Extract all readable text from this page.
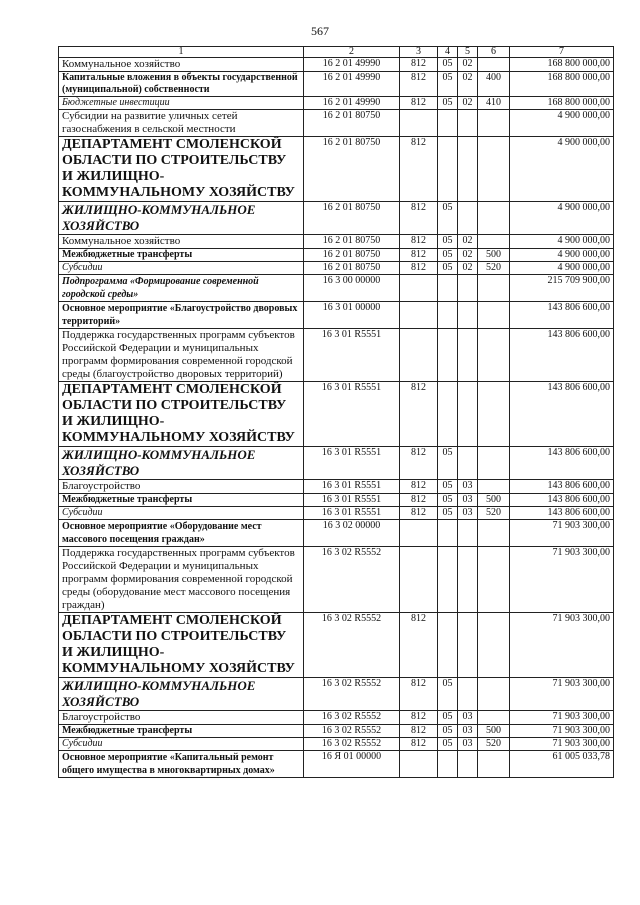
567
1	2	3	4	5	6	7
Коммунальное хозяйство	16 2 01 49990	812	05	02		168 800 000,00
Капитальные вложения в объекты государственной (муниципальной) собственности	16 2 01 49990	812	05	02	400	168 800 000,00
Бюджетные инвестиции	16 2 01 49990	812	05	02	410	168 800 000,00
Субсидии на развитие уличных сетей газоснабжения в сельской местности	16 2 01 80750					4 900 000,00
ДЕПАРТАМЕНТ СМОЛЕНСКОЙ ОБЛАСТИ ПО СТРОИТЕЛЬСТВУ И ЖИЛИЩНО-КОММУНАЛЬНОМУ ХОЗЯЙСТВУ	16 2 01 80750	812				4 900 000,00
ЖИЛИЩНО-КОММУНАЛЬНОЕ ХОЗЯЙСТВО	16 2 01 80750	812	05			4 900 000,00
Коммунальное хозяйство	16 2 01 80750	812	05	02		4 900 000,00
Межбюджетные трансферты	16 2 01 80750	812	05	02	500	4 900 000,00
Субсидии	16 2 01 80750	812	05	02	520	4 900 000,00
Подпрограмма «Формирование современной городской среды»	16 3 00 00000					215 709 900,00
Основное мероприятие «Благоустройство дворовых территорий»	16 3 01 00000					143 806 600,00
Поддержка государственных программ субъектов Российской Федерации и муниципальных программ формирования современной городской среды (благоустройство дворовых территорий)	16 3 01 R5551					143 806 600,00
ДЕПАРТАМЕНТ СМОЛЕНСКОЙ ОБЛАСТИ ПО СТРОИТЕЛЬСТВУ И ЖИЛИЩНО-КОММУНАЛЬНОМУ ХОЗЯЙСТВУ	16 3 01 R5551	812				143 806 600,00
ЖИЛИЩНО-КОММУНАЛЬНОЕ ХОЗЯЙСТВО	16 3 01 R5551	812	05			143 806 600,00
Благоустройство	16 3 01 R5551	812	05	03		143 806 600,00
Межбюджетные трансферты	16 3 01 R5551	812	05	03	500	143 806 600,00
Субсидии	16 3 01 R5551	812	05	03	520	143 806 600,00
Основное мероприятие «Оборудование мест массового посещения граждан»	16 3 02 00000					71 903 300,00
Поддержка государственных программ субъектов Российской Федерации и муниципальных программ формирования современной городской среды (оборудование мест массового посещения граждан)	16 3 02 R5552					71 903 300,00
ДЕПАРТАМЕНТ СМОЛЕНСКОЙ ОБЛАСТИ ПО СТРОИТЕЛЬСТВУ И ЖИЛИЩНО-КОММУНАЛЬНОМУ ХОЗЯЙСТВУ	16 3 02 R5552	812				71 903 300,00
ЖИЛИЩНО-КОММУНАЛЬНОЕ ХОЗЯЙСТВО	16 3 02 R5552	812	05			71 903 300,00
Благоустройство	16 3 02 R5552	812	05	03		71 903 300,00
Межбюджетные трансферты	16 3 02 R5552	812	05	03	500	71 903 300,00
Субсидии	16 3 02 R5552	812	05	03	520	71 903 300,00
Основное мероприятие «Капитальный ремонт общего имущества в многоквартирных домах»	16 Я 01 00000					61 005 033,78
